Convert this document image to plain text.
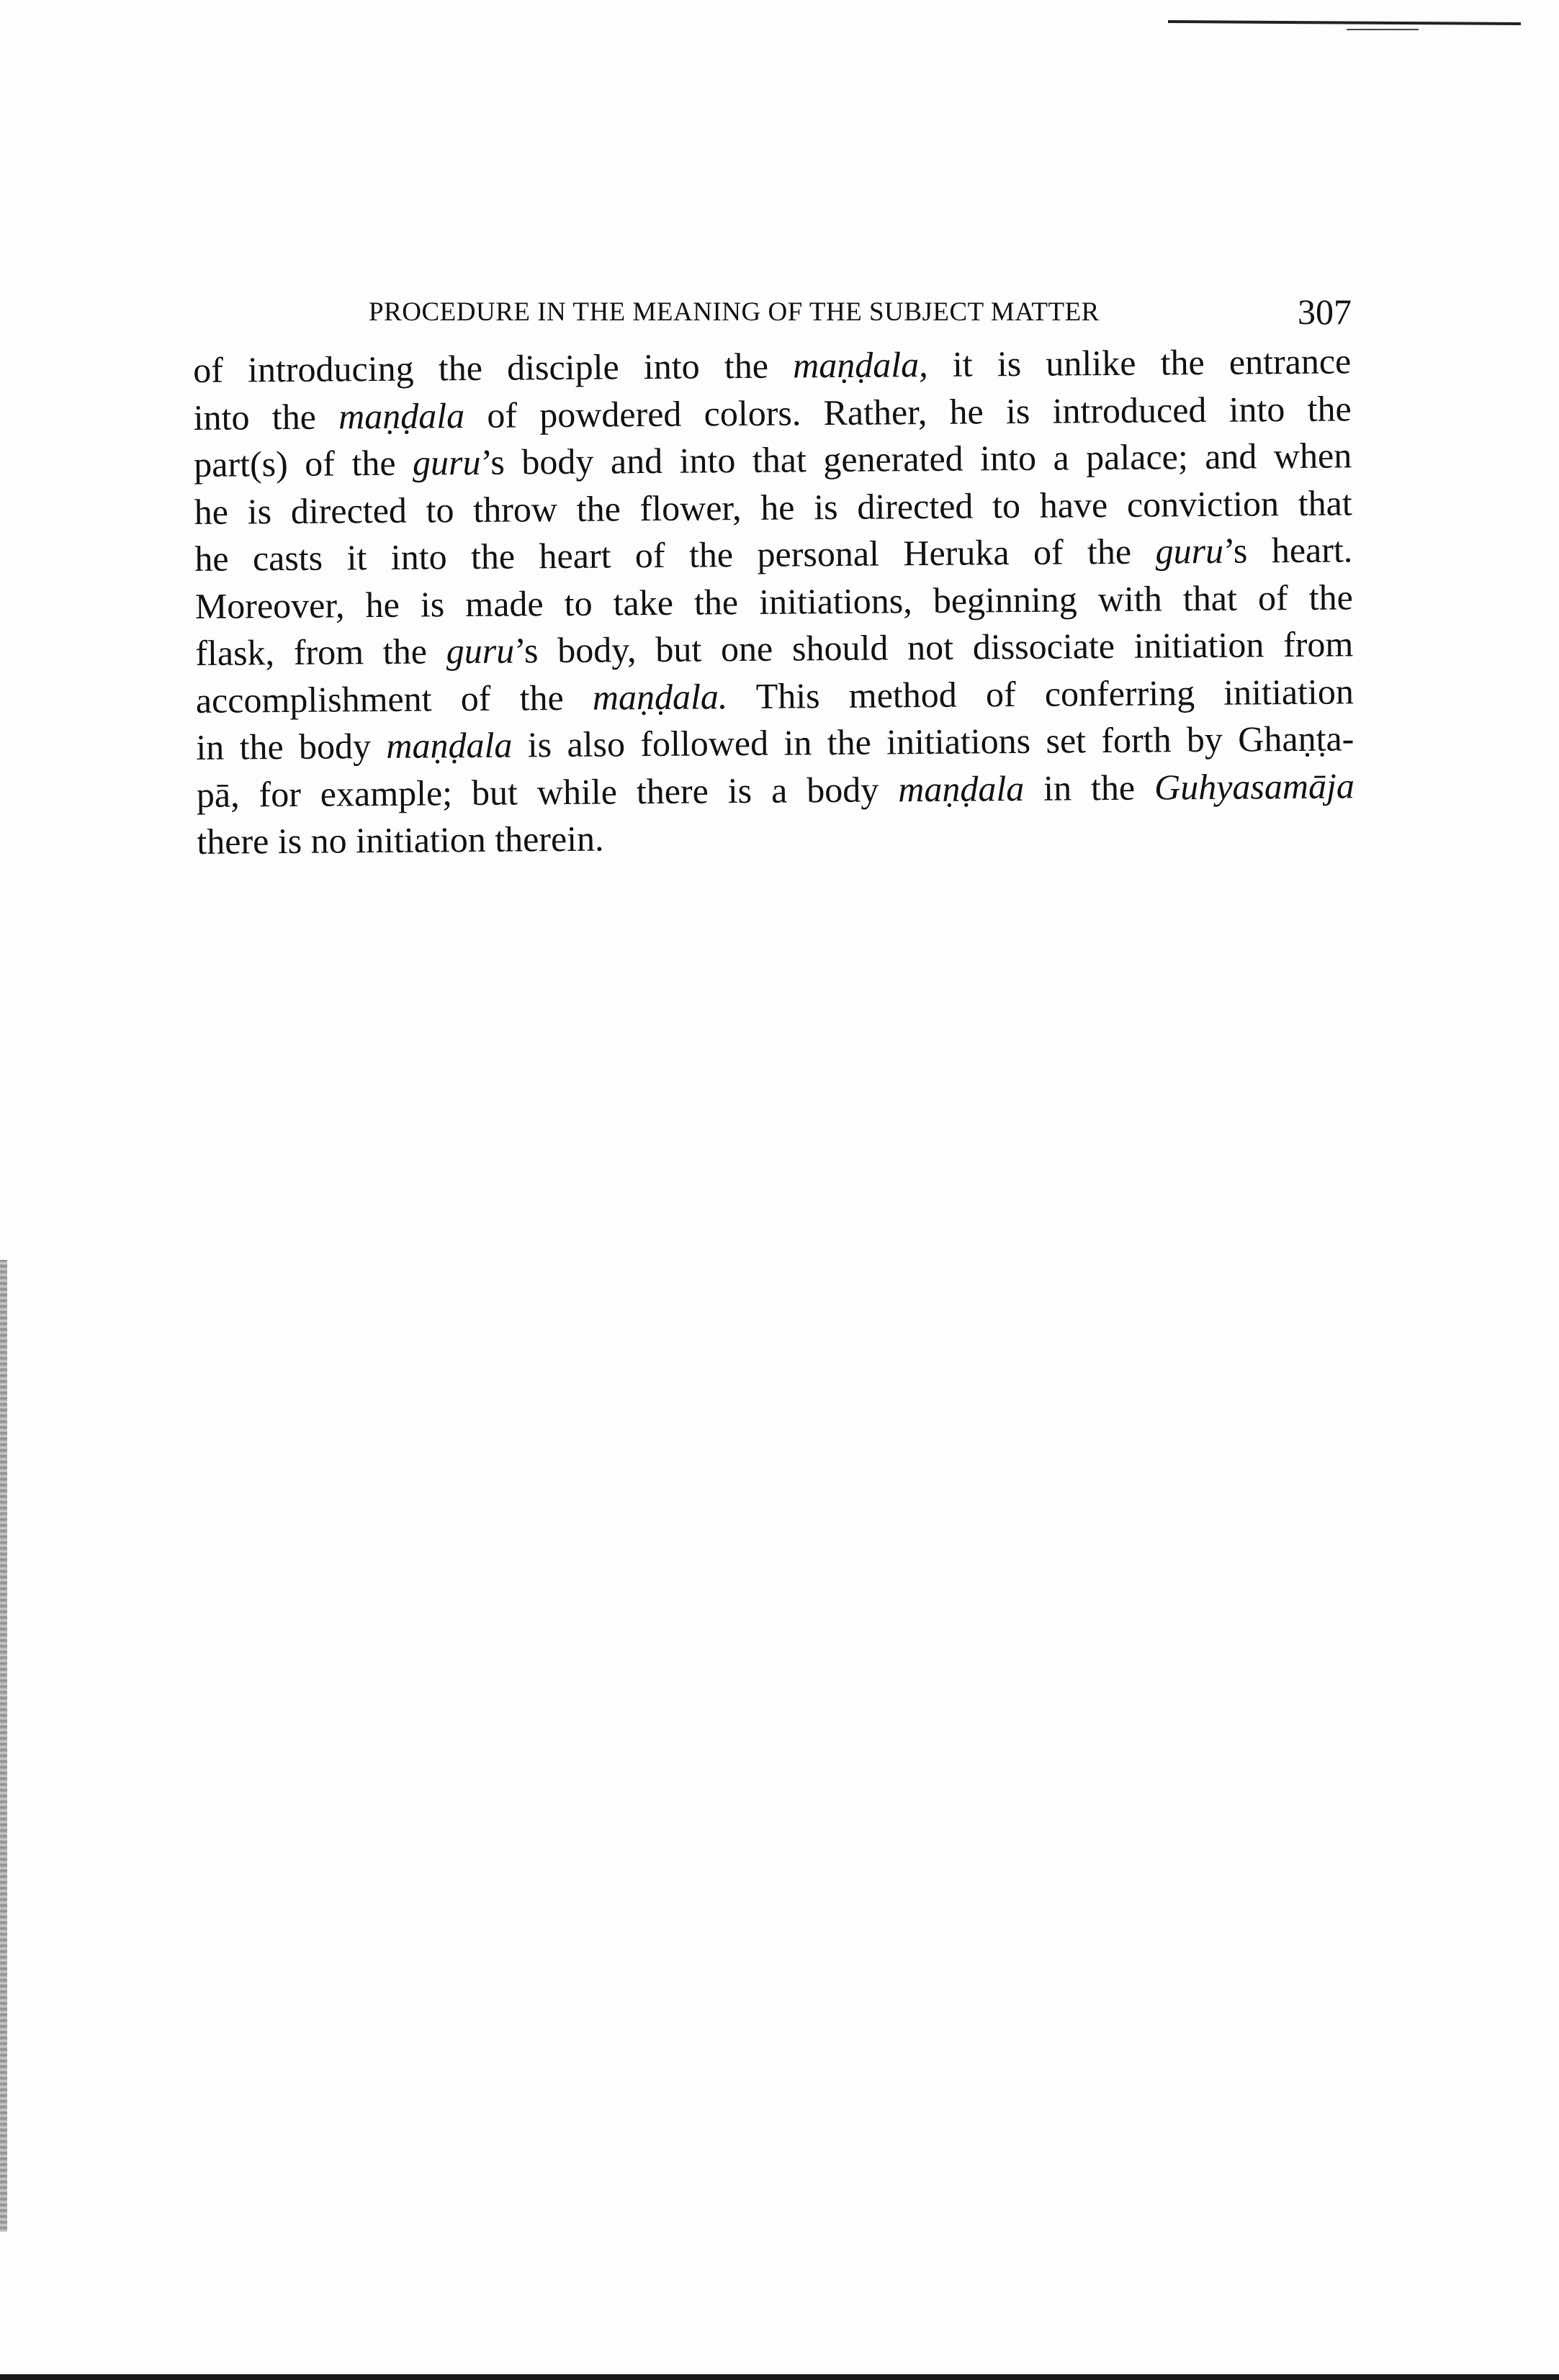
PROCEDURE IN THE MEANING OF THE SUBJECT MATTER	307
of introducing the disciple into the maṇḍala, it is unlike the entrance
into the maṇḍala of powdered colors. Rather, he is introduced into the
part(s) of the guru’s body and into that generated into a palace; and when
he is directed to throw the flower, he is directed to have conviction that
he casts it into the heart of the personal Heruka of the guru’s heart.
Moreover, he is made to take the initiations, beginning with that of the
flask, from the guru’s body, but one should not dissociate initiation from
accomplishment of the maṇḍala. This method of conferring initiation
in the body maṇḍala is also followed in the initiations set forth by Ghaṇṭa-
pā, for example; but while there is a body maṇḍala in the Guhyasamāja
there is no initiation therein.
